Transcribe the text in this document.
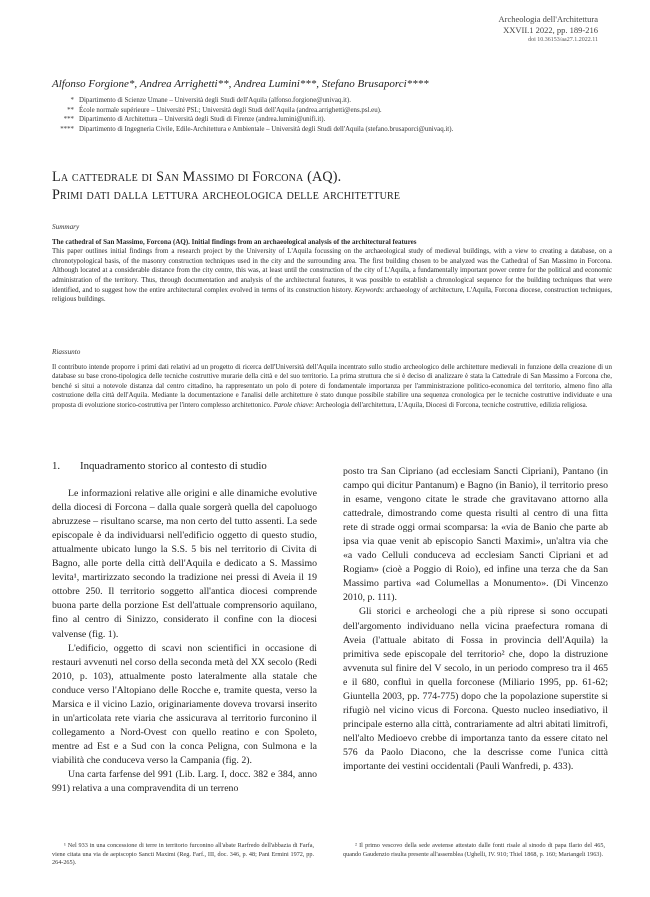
Archeologia dell'Architettura
XXVII.1 2022, pp. 189-216
doi 10.36153/aa27.1.2022.11
Alfonso Forgione*, Andrea Arrighetti**, Andrea Lumini***, Stefano Brusaporci****
* Dipartimento di Scienze Umane – Università degli Studi dell'Aquila (alfonso.forgione@univaq.it).
** École normale supérieure – Université PSL; Università degli Studi dell'Aquila (andrea.arrighetti@ens.psl.eu).
*** Dipartimento di Architettura – Università degli Studi di Firenze (andrea.lumini@unifi.it).
**** Dipartimento di Ingegneria Civile, Edile-Architettura e Ambientale – Università degli Studi dell'Aquila (stefano.brusaporci@univaq.it).
La cattedrale di San Massimo di Forcona (AQ).
Primi dati dalla lettura archeologica delle architetture
Summary
The cathedral of San Massimo, Forcona (AQ). Initial findings from an archaeological analysis of the architectural features
This paper outlines initial findings from a research project by the University of L'Aquila focussing on the archaeological study of medieval buildings, with a view to creating a database, on a chronotypological basis, of the masonry construction techniques used in the city and the surrounding area. The first building chosen to be analyzed was the Cathedral of San Massimo in Forcona. Although located at a considerable distance from the city centre, this was, at least until the construction of the city of L'Aquila, a fundamentally important power centre for the political and economic administration of the territory. Thus, through documentation and analysis of the architectural features, it was possible to establish a chronological sequence for the building techniques that were identified, and to suggest how the entire architectural complex evolved in terms of its construction history. Keywords: archaeology of architecture, L'Aquila, Forcona diocese, construction techniques, religious buildings.
Riassunto
Il contributo intende proporre i primi dati relativi ad un progetto di ricerca dell'Università dell'Aquila incentrato sullo studio archeologico delle architetture medievali in funzione della creazione di un database su base crono-tipologica delle tecniche costruttive murarie della città e del suo territorio. La prima struttura che si è deciso di analizzare è stata la Cattedrale di San Massimo a Forcona che, benché si situi a notevole distanza dal centro cittadino, ha rappresentato un polo di potere di fondamentale importanza per l'amministrazione politico-economica del territorio, almeno fino alla costruzione della città dell'Aquila. Mediante la documentazione e l'analisi delle architetture è stato dunque possibile stabilire una sequenza cronologica per le tecniche costruttive individuate e una proposta di evoluzione storico-costruttiva per l'intero complesso architettonico. Parole chiave: Archeologia dell'architettura, L'Aquila, Diocesi di Forcona, tecniche costruttive, edilizia religiosa.
1.	Inquadramento storico al contesto di studio

Le informazioni relative alle origini e alle dinamiche evolutive della diocesi di Forcona – dalla quale sorgerà quella del capoluogo abruzzese – risultano scarse, ma non certo del tutto assenti. La sede episcopale è da individuarsi nell'edificio oggetto di questo studio, attualmente ubicato lungo la S.S. 5 bis nel territorio di Civita di Bagno, alle porte della città dell'Aquila e dedicato a S. Massimo levita¹, martirizzato secondo la tradizione nei pressi di Aveia il 19 ottobre 250. Il territorio soggetto all'antica diocesi comprende buona parte della porzione Est dell'attuale comprensorio aquilano, fino al centro di Sinizzo, considerato il confine con la diocesi valvense (fig. 1).

L'edificio, oggetto di scavi non scientifici in occasione di restauri avvenuti nel corso della seconda metà del XX secolo (Redi 2010, p. 103), attualmente posto lateralmente alla statale che conduce verso l'Altopiano delle Rocche e, tramite questa, verso la Marsica e il vicino Lazio, originariamente doveva trovarsi inserito in un'articolata rete viaria che assicurava al territorio furconino il collegamento a Nord-Ovest con quello reatino e con Spoleto, mentre ad Est e a Sud con la conca Peligna, con Sulmona e la viabilità che conduceva verso la Campania (fig. 2).

Una carta farfense del 991 (Lib. Larg. I, docc. 382 e 384, anno 991) relativa a una compravendita di un terreno

posto tra San Cipriano (ad ecclesiam Sancti Cipriani), Pantano (in campo qui dicitur Pantanum) e Bagno (in Banio), il territorio preso in esame, vengono citate le strade che gravitavano attorno alla cattedrale, dimostrando come questa risulti al centro di una fitta rete di strade oggi ormai scomparsa: la «via de Banio che parte ab ipsa via quae venit ab episcopio Sancti Maximi», un'altra via che «a vado Celluli conduceva ad ecclesiam Sancti Cipriani et ad Rogiam» (cioè a Poggio di Roio), ed infine una terza che da San Massimo partiva «ad Columellas a Monumento». (Di Vincenzo 2010, p. 111).

Gli storici e archeologi che a più riprese si sono occupati dell'argomento individuano nella vicina praefectura romana di Aveia (l'attuale abitato di Fossa in provincia dell'Aquila) la primitiva sede episcopale del territorio² che, dopo la distruzione avvenuta sul finire del V secolo, in un periodo compreso tra il 465 e il 680, confluì in quella forconese (Miliario 1995, pp. 61-62; Giuntella 2003, pp. 774-775) dopo che la popolazione superstite si rifugiò nel vicino vicus di Forcona. Questo nucleo insediativo, il principale esterno alla città, contrariamente ad altri abitati limitrofi, nell'alto Medioevo crebbe di importanza tanto da essere citato nel 576 da Paolo Diacono, che la descrisse come l'unica città importante dei vestini occidentali (Pauli Wanfredi, p. 433).

¹ Nel 933 in una concessione di terre in territorio furconino all'abate Rarfredo dell'abbazia di Farfa, viene citata una via de aepiscopio Sancti Maximi (Reg. Farf., III, doc. 346, p. 48; Pani Ermini 1972, pp. 264-265).
² Il primo vescovo della sede aveiense attestato dalle fonti risale al sinodo di papa Ilario del 465, quando Gaudenzio risulta presente all'assemblea (Ughelli, IV. 910; Thiel 1868, p. 160; Mariangeli 1963).
